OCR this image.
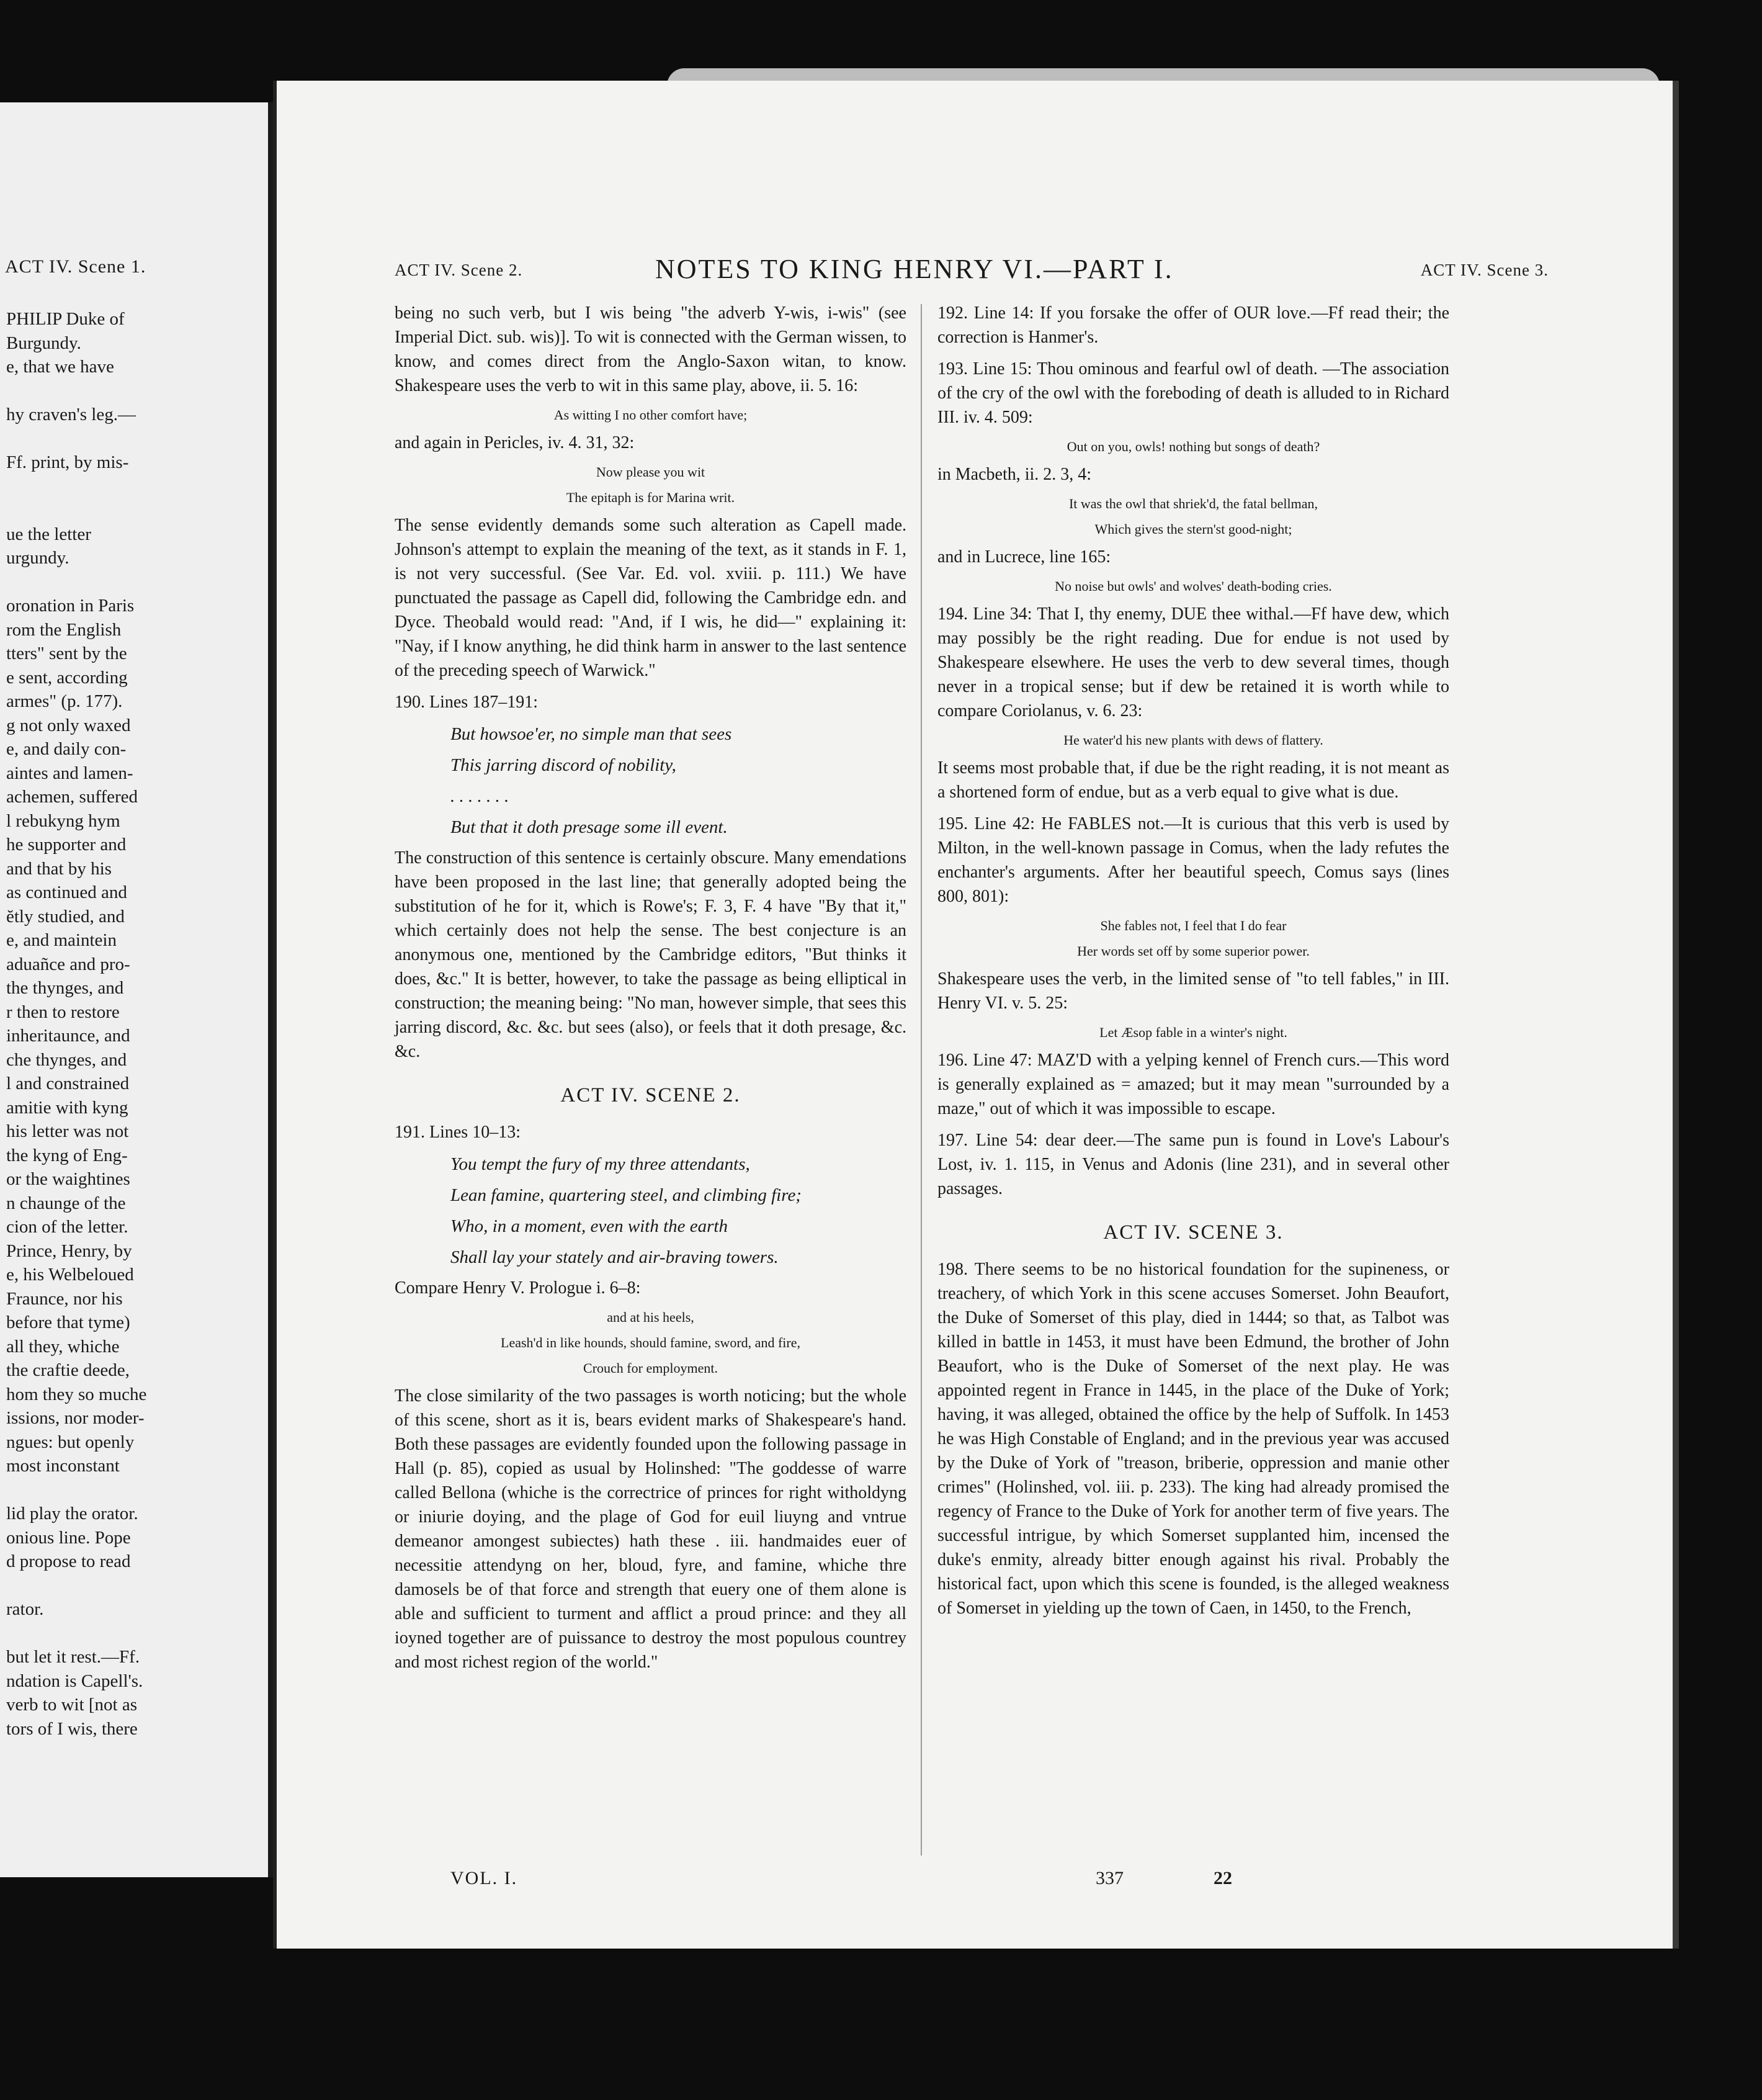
ACT IV. Scene 1.
PHILIP Duke of
Burgundy.
e, that we have
hy craven's leg.—
Ff. print, by mis-
ue the letter
urgundy.
oronation in Paris
rom the English
tters" sent by the
e sent, according
armes" (p. 177).
g not only waxed
e, and daily con-
aintes and lamen-
achemen, suffered
l rebukyng hym
he supporter and
and that by his
as continued and
ĕtly studied, and
e, and maintein
aduañce and pro-
the thynges, and
r then to restore
inheritaunce, and
che thynges, and
l and constrained
amitie with kyng
his letter was not
the kyng of Eng-
or the waightines
n chaunge of the
cion of the letter.
Prince, Henry, by
e, his Welbeloued
Fraunce, nor his
before that tyme)
all they, whiche
the craftie deede,
hom they so muche
issions, nor moder-
ngues: but openly
most inconstant
lid play the orator.
onious line. Pope
d propose to read
rator.
but let it rest.—Ff.
ndation is Capell's.
verb to wit [not as
tors of I wis, there
ACT IV. Scene 2.	NOTES TO KING HENRY VI.—PART I.	ACT IV. Scene 3.
being no such verb, but I wis being "the adverb Y-wis, i-wis" (see Imperial Dict. sub. wis)]. To wit is connected with the German wissen, to know, and comes direct from the Anglo-Saxon witan, to know. Shakespeare uses the verb to wit in this same play, above, ii. 5. 16:
As witting I no other comfort have;
and again in Pericles, iv. 4. 31, 32:
Now please you wit
The epitaph is for Marina writ.
The sense evidently demands some such alteration as Capell made. Johnson's attempt to explain the meaning of the text, as it stands in F. 1, is not very successful. (See Var. Ed. vol. xviii. p. 111.) We have punctuated the passage as Capell did, following the Cambridge edn. and Dyce. Theobald would read: "And, if I wis, he did—" explaining it: "Nay, if I know anything, he did think harm in answer to the last sentence of the preceding speech of Warwick."
190. Lines 187–191:
But howsoe'er, no simple man that sees
This jarring discord of nobility,
. . . . . . .
But that it doth presage some ill event.
The construction of this sentence is certainly obscure. Many emendations have been proposed in the last line; that generally adopted being the substitution of he for it, which is Rowe's; F. 3, F. 4 have "By that it," which certainly does not help the sense. The best conjecture is an anonymous one, mentioned by the Cambridge editors, "But thinks it does, &c." It is better, however, to take the passage as being elliptical in construction; the meaning being: "No man, however simple, that sees this jarring discord, &c. &c. but sees (also), or feels that it doth presage, &c. &c.
ACT IV. SCENE 2.
191. Lines 10–13:
You tempt the fury of my three attendants,
Lean famine, quartering steel, and climbing fire;
Who, in a moment, even with the earth
Shall lay your stately and air-braving towers.
Compare Henry V. Prologue i. 6–8:
and at his heels,
Leash'd in like hounds, should famine, sword, and fire,
Crouch for employment.
The close similarity of the two passages is worth noticing; but the whole of this scene, short as it is, bears evident marks of Shakespeare's hand. Both these passages are evidently founded upon the following passage in Hall (p. 85), copied as usual by Holinshed: "The goddesse of warre called Bellona (whiche is the correctrice of princes for right witholdyng or iniurie doying, and the plage of God for euil liuyng and vntrue demeanor amongest subiectes) hath these . iii. handmaides euer of necessitie attendyng on her, bloud, fyre, and famine, whiche thre damosels be of that force and strength that euery one of them alone is able and sufficient to turment and afflict a proud prince: and they all ioyned together are of puissance to destroy the most populous countrey and most richest region of the world."
192. Line 14: If you forsake the offer of OUR love.—Ff read their; the correction is Hanmer's.
193. Line 15: Thou ominous and fearful owl of death. —The association of the cry of the owl with the foreboding of death is alluded to in Richard III. iv. 4. 509:
Out on you, owls! nothing but songs of death?
in Macbeth, ii. 2. 3, 4:
It was the owl that shriek'd, the fatal bellman,
Which gives the stern'st good-night;
and in Lucrece, line 165:
No noise but owls' and wolves' death-boding cries.
194. Line 34: That I, thy enemy, DUE thee withal.—Ff have dew, which may possibly be the right reading. Due for endue is not used by Shakespeare elsewhere. He uses the verb to dew several times, though never in a tropical sense; but if dew be retained it is worth while to compare Coriolanus, v. 6. 23:
He water'd his new plants with dews of flattery.
It seems most probable that, if due be the right reading, it is not meant as a shortened form of endue, but as a verb equal to give what is due.
195. Line 42: He FABLES not.—It is curious that this verb is used by Milton, in the well-known passage in Comus, when the lady refutes the enchanter's arguments. After her beautiful speech, Comus says (lines 800, 801):
She fables not, I feel that I do fear
Her words set off by some superior power.
Shakespeare uses the verb, in the limited sense of "to tell fables," in III. Henry VI. v. 5. 25:
Let Æsop fable in a winter's night.
196. Line 47: MAZ'D with a yelping kennel of French curs.—This word is generally explained as = amazed; but it may mean "surrounded by a maze," out of which it was impossible to escape.
197. Line 54: dear deer.—The same pun is found in Love's Labour's Lost, iv. 1. 115, in Venus and Adonis (line 231), and in several other passages.
ACT IV. SCENE 3.
198. There seems to be no historical foundation for the supineness, or treachery, of which York in this scene accuses Somerset. John Beaufort, the Duke of Somerset of this play, died in 1444; so that, as Talbot was killed in battle in 1453, it must have been Edmund, the brother of John Beaufort, who is the Duke of Somerset of the next play. He was appointed regent in France in 1445, in the place of the Duke of York; having, it was alleged, obtained the office by the help of Suffolk. In 1453 he was High Constable of England; and in the previous year was accused by the Duke of York of "treason, briberie, oppression and manie other crimes" (Holinshed, vol. iii. p. 233). The king had already promised the regency of France to the Duke of York for another term of five years. The successful intrigue, by which Somerset supplanted him, incensed the duke's enmity, already bitter enough against his rival. Probably the historical fact, upon which this scene is founded, is the alleged weakness of Somerset in yielding up the town of Caen, in 1450, to the French,
VOL. I.	337	22
